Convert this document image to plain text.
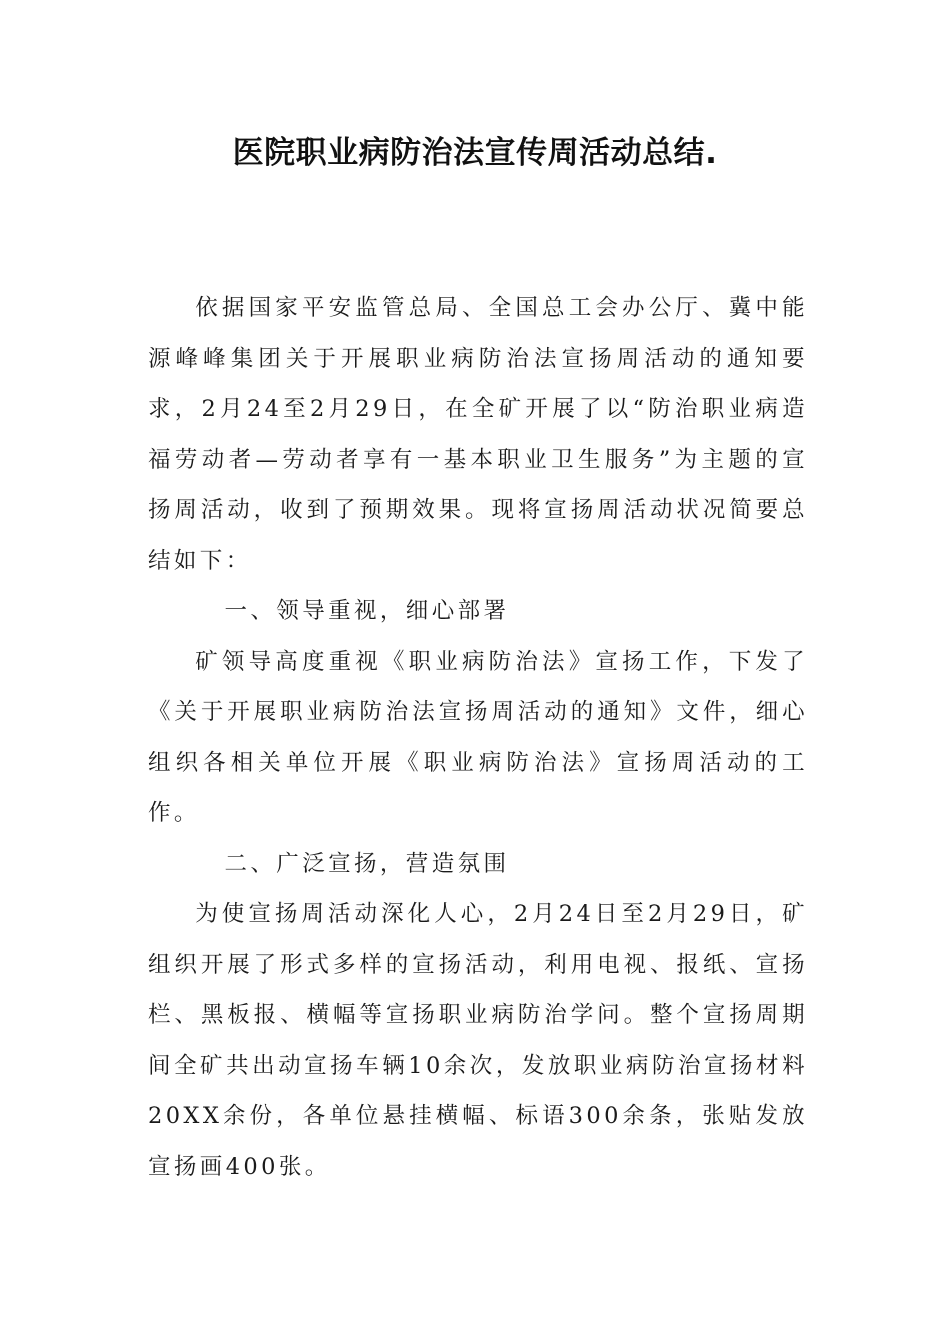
医院职业病防治法宣传周活动总结.

依据国家平安监管总局、全国总工会办公厅、冀中能源峰峰集团关于开展职业病防治法宣扬周活动的通知要求，2月24至2月29日，在全矿开展了以“防治职业病造福劳动者—劳动者享有一基本职业卫生服务”为主题的宣扬周活动，收到了预期效果。现将宣扬周活动状况简要总结如下：

一、领导重视，细心部署

矿领导高度重视《职业病防治法》宣扬工作，下发了《关于开展职业病防治法宣扬周活动的通知》文件，细心组织各相关单位开展《职业病防治法》宣扬周活动的工作。

二、广泛宣扬，营造氛围

为使宣扬周活动深化人心，2月24日至2月29日，矿组织开展了形式多样的宣扬活动，利用电视、报纸、宣扬栏、黑板报、横幅等宣扬职业病防治学问。整个宣扬周期间全矿共出动宣扬车辆10余次，发放职业病防治宣扬材料20XX余份，各单位悬挂横幅、标语300余条，张贴发放宣扬画400张。
